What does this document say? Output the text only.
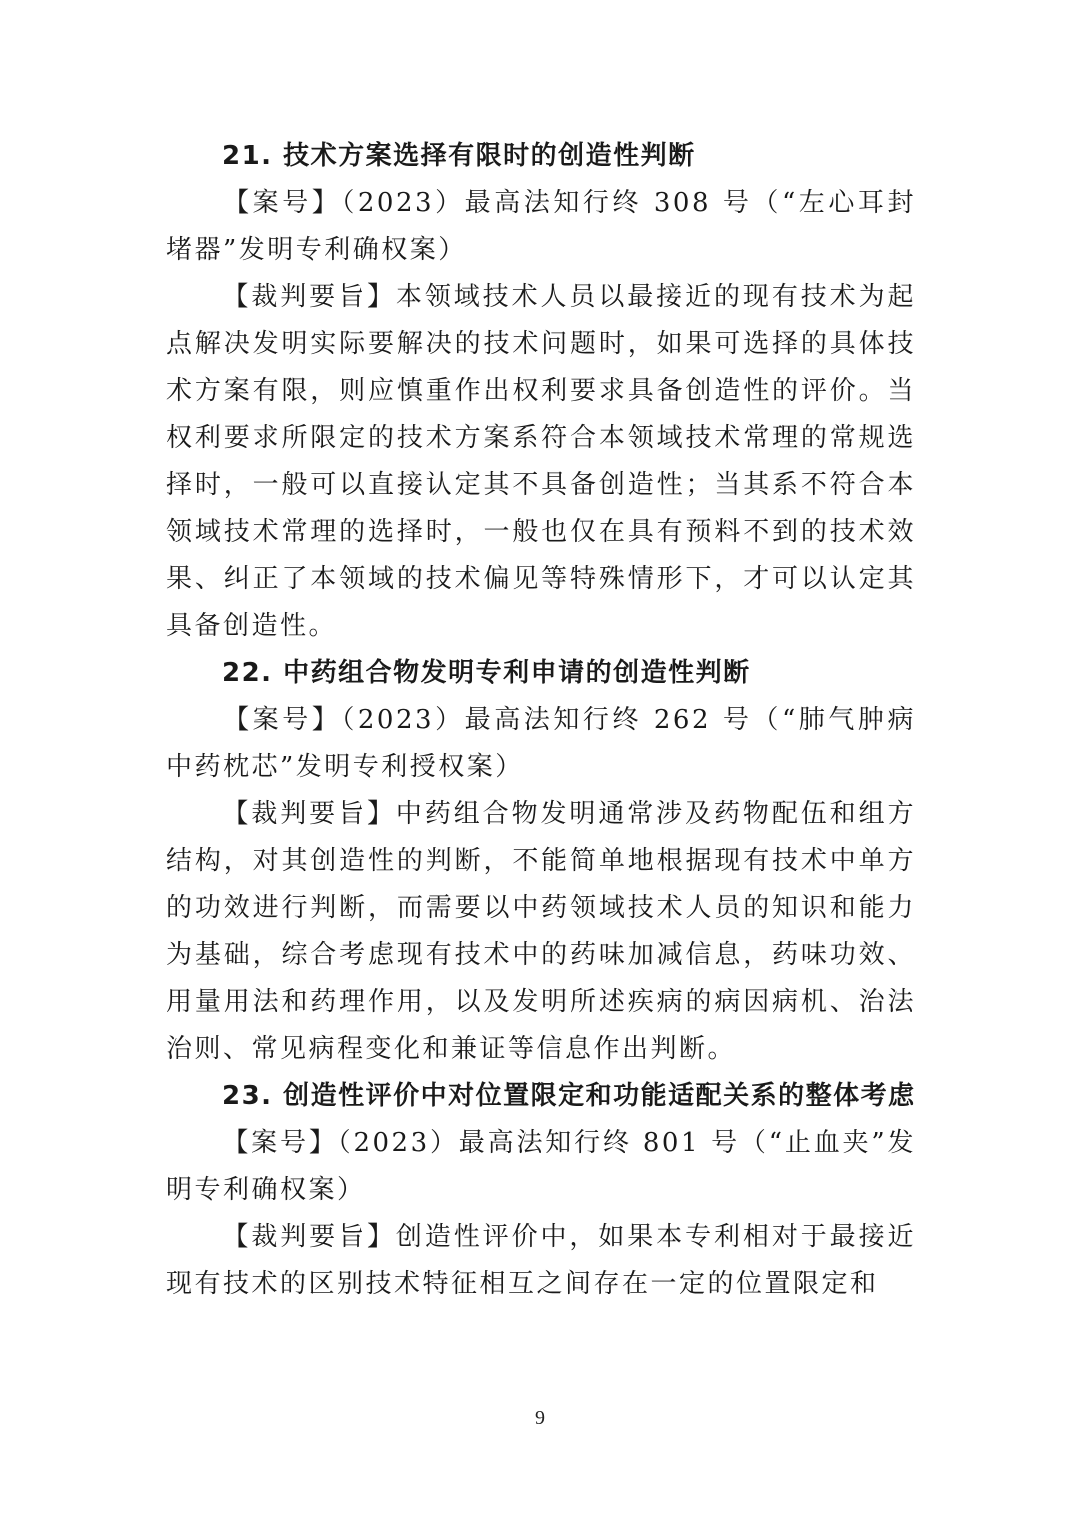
21. 技术方案选择有限时的创造性判断

【案号】（2023）最高法知行终 308 号（“左心耳封堵器”发明专利确权案）

【裁判要旨】本领域技术人员以最接近的现有技术为起点解决发明实际要解决的技术问题时，如果可选择的具体技术方案有限，则应慎重作出权利要求具备创造性的评价。当权利要求所限定的技术方案系符合本领域技术常理的常规选择时，一般可以直接认定其不具备创造性；当其系不符合本领域技术常理的选择时，一般也仅在具有预料不到的技术效果、纠正了本领域的技术偏见等特殊情形下，才可以认定其具备创造性。

22. 中药组合物发明专利申请的创造性判断

【案号】（2023）最高法知行终 262 号（“肺气肿病中药枕芯”发明专利授权案）

【裁判要旨】中药组合物发明通常涉及药物配伍和组方结构，对其创造性的判断，不能简单地根据现有技术中单方的功效进行判断，而需要以中药领域技术人员的知识和能力为基础，综合考虑现有技术中的药味加减信息，药味功效、用量用法和药理作用，以及发明所述疾病的病因病机、治法治则、常见病程变化和兼证等信息作出判断。

23. 创造性评价中对位置限定和功能适配关系的整体考虑

【案号】（2023）最高法知行终 801 号（“止血夹”发明专利确权案）

【裁判要旨】创造性评价中，如果本专利相对于最接近现有技术的区别技术特征相互之间存在一定的位置限定和

9
